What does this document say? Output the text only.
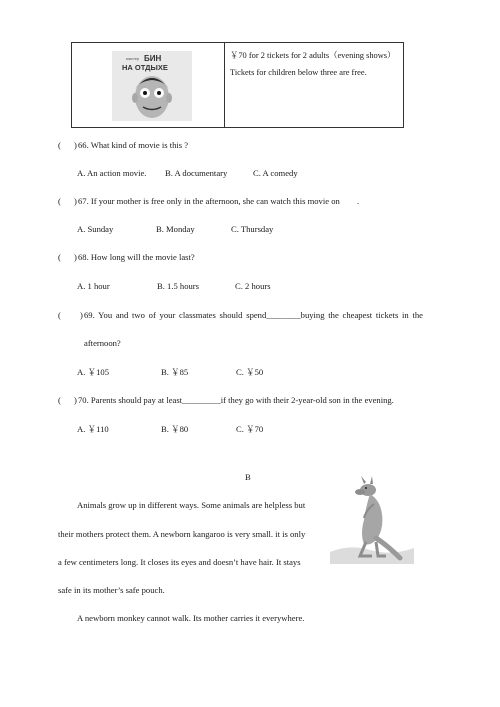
мистер БИН
НА ОТДЫХЕ
￥70 for 2 tickets for 2 adults（evening shows）
Tickets for children below three are free.
( ) 66. What kind of movie is this ?
A. An action movie. B. A documentary	C. A comedy
( ) 67. If your mother is free only in the afternoon, she can watch this movie on .
A. Sunday	B. Monday	C. Thursday
( ) 68. How long will the movie last?
A. 1 hour	B. 1.5 hours	C. 2 hours
( ) 69. You and two of your classmates should spend________buying the cheapest tickets in the
afternoon?
A. ￥105	B. ￥85	C. ￥50
( ) 70. Parents should pay at least_________if they go with their 2-year-old son in the evening.
A. ￥110	B. ￥80	C. ￥70
B
Animals grow up in different ways. Some animals are helpless but
their mothers protect them. A newborn kangaroo is very small. it is only
a few centimeters long. It closes its eyes and doesn’t have hair. It stays
safe in its mother’s safe pouch.
A newborn monkey cannot walk. Its mother carries it everywhere.
